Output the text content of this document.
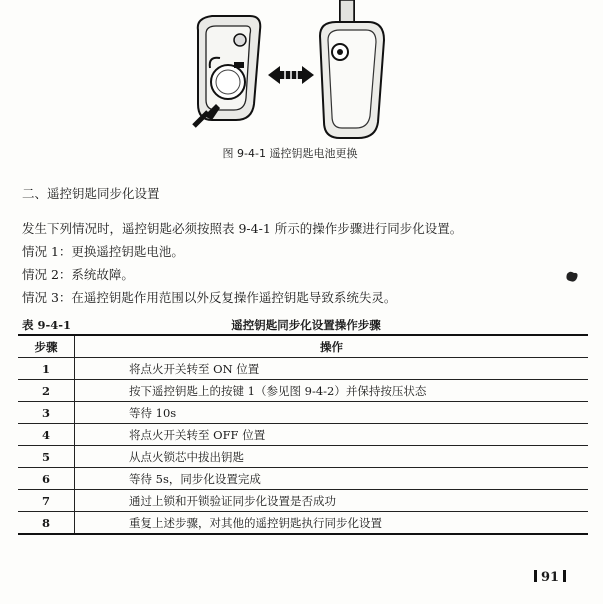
图 9-4-1 遥控钥匙电池更换
二、遥控钥匙同步化设置
发生下列情况时，遥控钥匙必须按照表 9-4-1 所示的操作步骤进行同步化设置。
情况 1：更换遥控钥匙电池。
情况 2：系统故障。
情况 3：在遥控钥匙作用范围以外反复操作遥控钥匙导致系统失灵。
表 9-4-1	遥控钥匙同步化设置操作步骤
步骤	操作
1	将点火开关转至 ON 位置
2	按下遥控钥匙上的按键 1（参见图 9-4-2）并保持按压状态
3	等待 10s
4	将点火开关转至 OFF 位置
5	从点火锁芯中拔出钥匙
6	等待 5s，同步化设置完成
7	通过上锁和开锁验证同步化设置是否成功
8	重复上述步骤，对其他的遥控钥匙执行同步化设置
91
